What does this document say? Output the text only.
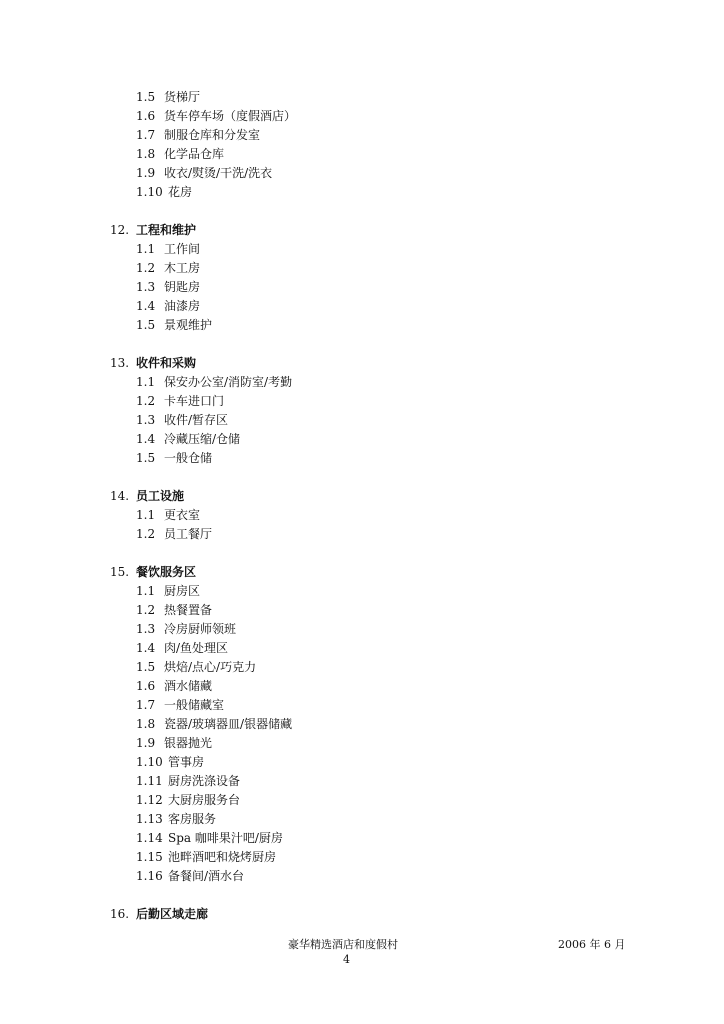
1.5 货梯厅
1.6 货车停车场（度假酒店）
1.7 制服仓库和分发室
1.8 化学品仓库
1.9 收衣/熨烫/干洗/洗衣
1.10 花房
12. 工程和维护
1.1 工作间
1.2 木工房
1.3 钥匙房
1.4 油漆房
1.5 景观维护
13. 收件和采购
1.1 保安办公室/消防室/考勤
1.2 卡车进口门
1.3 收件/暂存区
1.4 冷藏压缩/仓储
1.5 一般仓储
14. 员工设施
1.1 更衣室
1.2 员工餐厅
15. 餐饮服务区
1.1 厨房区
1.2 热餐置备
1.3 冷房厨师领班
1.4 肉/鱼处理区
1.5 烘焙/点心/巧克力
1.6 酒水储藏
1.7 一般储藏室
1.8 瓷器/玻璃器皿/银器储藏
1.9 银器抛光
1.10 管事房
1.11 厨房洗涤设备
1.12 大厨房服务台
1.13 客房服务
1.14 Spa 咖啡果汁吧/厨房
1.15 池畔酒吧和烧烤厨房
1.16 备餐间/酒水台
16. 后勤区域走廊
豪华精选酒店和度假村	2006 年 6 月
4
